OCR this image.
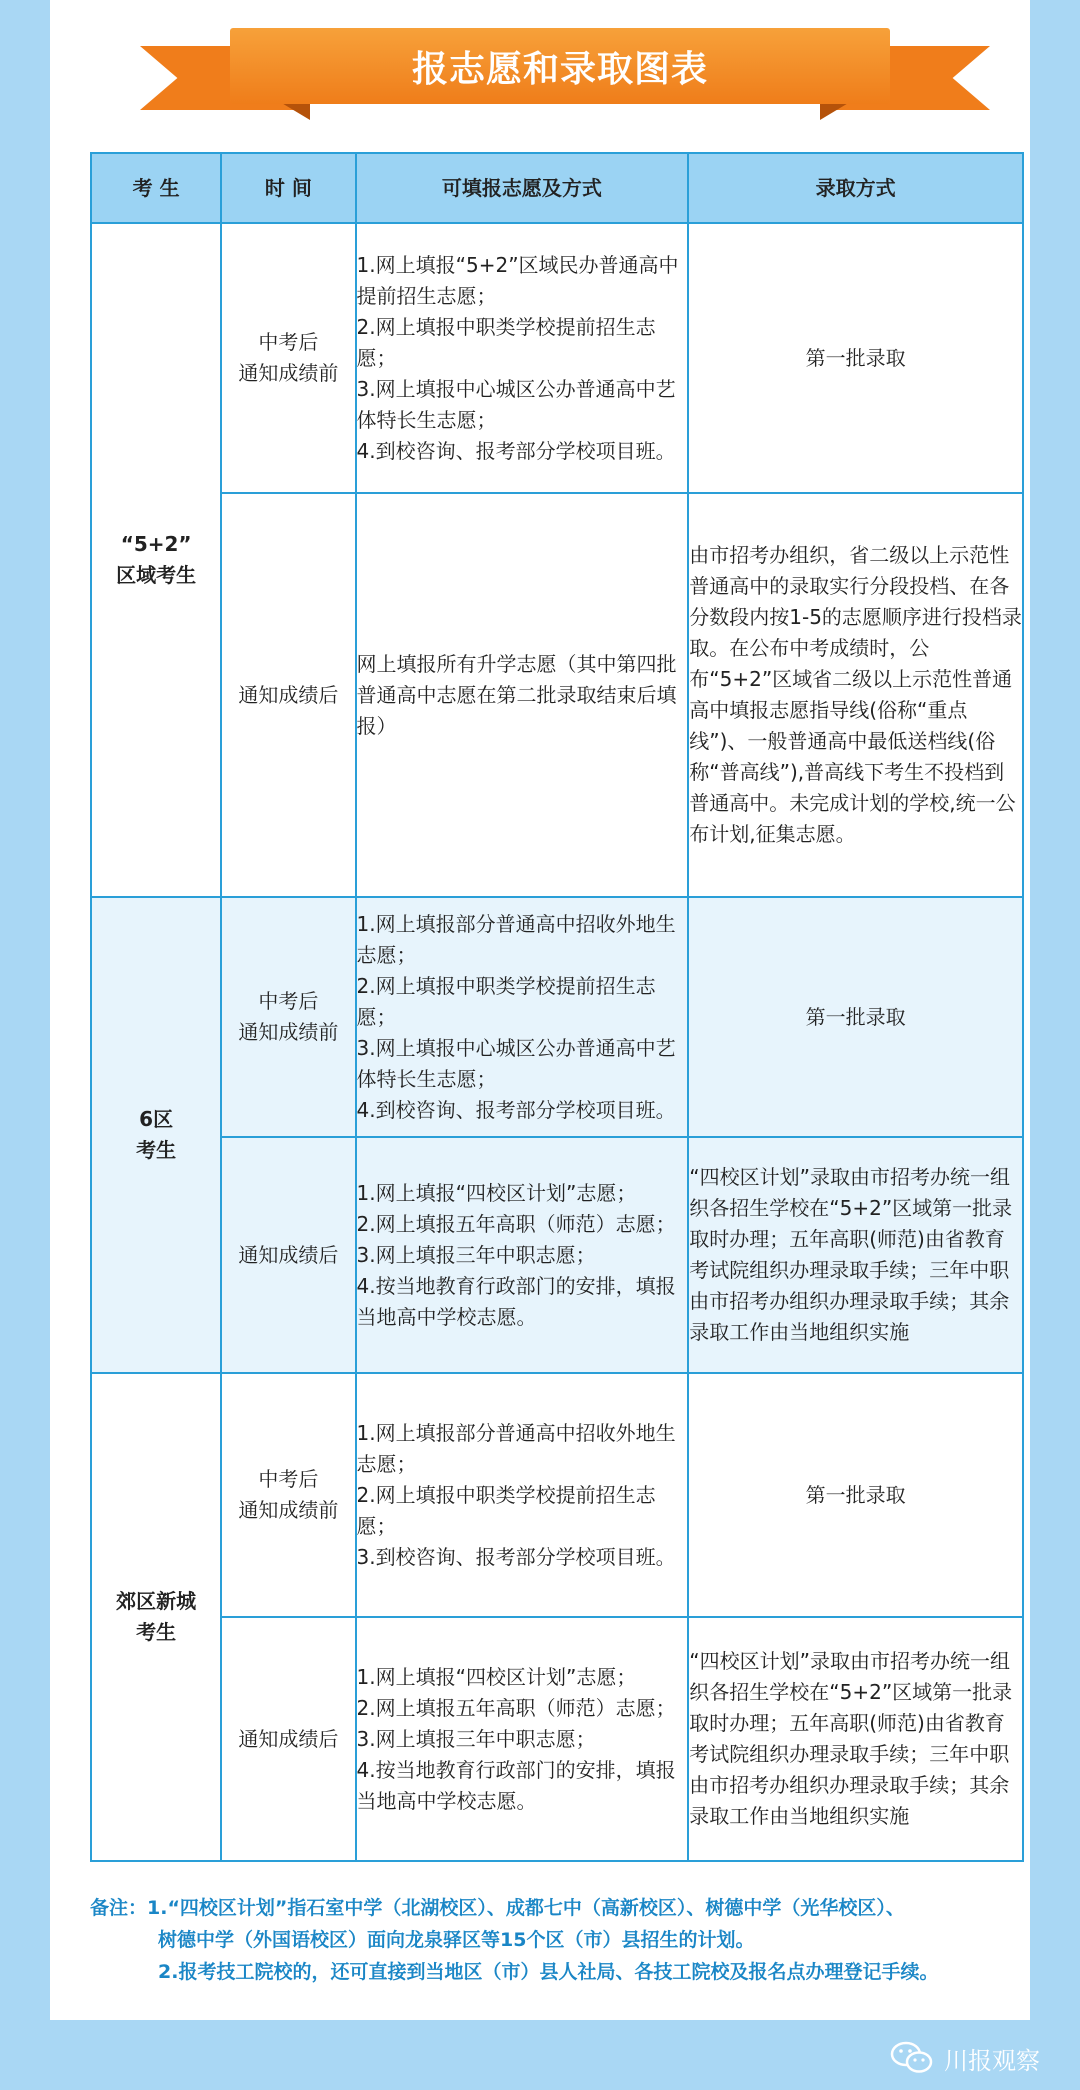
报志愿和录取图表
考 生	时 间	可填报志愿及方式	录取方式

“5+2”
区域考生	中考后
通知成绩前	1.网上填报“5+2”区域民办普通高中提前招生志愿；
2.网上填报中职类学校提前招生志愿；
3.网上填报中心城区公办普通高中艺体特长生志愿；
4.到校咨询、报考部分学校项目班。	第一批录取

	通知成绩后	网上填报所有升学志愿（其中第四批普通高中志愿在第二批录取结束后填报）	由市招考办组织，省二级以上示范性普通高中的录取实行分段投档、在各分数段内按1-5的志愿顺序进行投档录取。在公布中考成绩时，公布“5+2”区域省二级以上示范性普通高中填报志愿指导线(俗称“重点线”)、一般普通高中最低送档线(俗称“普高线”),普高线下考生不投档到普通高中。未完成计划的学校,统一公布计划,征集志愿。

6区
考生	中考后
通知成绩前	1.网上填报部分普通高中招收外地生志愿；
2.网上填报中职类学校提前招生志愿；
3.网上填报中心城区公办普通高中艺体特长生志愿；
4.到校咨询、报考部分学校项目班。	第一批录取

	通知成绩后	1.网上填报“四校区计划”志愿；
2.网上填报五年高职（师范）志愿；
3.网上填报三年中职志愿；
4.按当地教育行政部门的安排，填报当地高中学校志愿。	“四校区计划”录取由市招考办统一组织各招生学校在“5+2”区域第一批录取时办理；五年高职(师范)由省教育考试院组织办理录取手续；三年中职由市招考办组织办理录取手续；其余录取工作由当地组织实施

郊区新城
考生	中考后
通知成绩前	1.网上填报部分普通高中招收外地生志愿；
2.网上填报中职类学校提前招生志愿；
3.到校咨询、报考部分学校项目班。	第一批录取

	通知成绩后	1.网上填报“四校区计划”志愿；
2.网上填报五年高职（师范）志愿；
3.网上填报三年中职志愿；
4.按当地教育行政部门的安排，填报当地高中学校志愿。	“四校区计划”录取由市招考办统一组织各招生学校在“5+2”区域第一批录取时办理；五年高职(师范)由省教育考试院组织办理录取手续；三年中职由市招考办组织办理录取手续；其余录取工作由当地组织实施
备注：1.“四校区计划”指石室中学（北湖校区）、成都七中（高新校区）、树德中学（光华校区）、
树德中学（外国语校区）面向龙泉驿区等15个区（市）县招生的计划。
2.报考技工院校的，还可直接到当地区（市）县人社局、各技工院校及报名点办理登记手续。
川报观察
